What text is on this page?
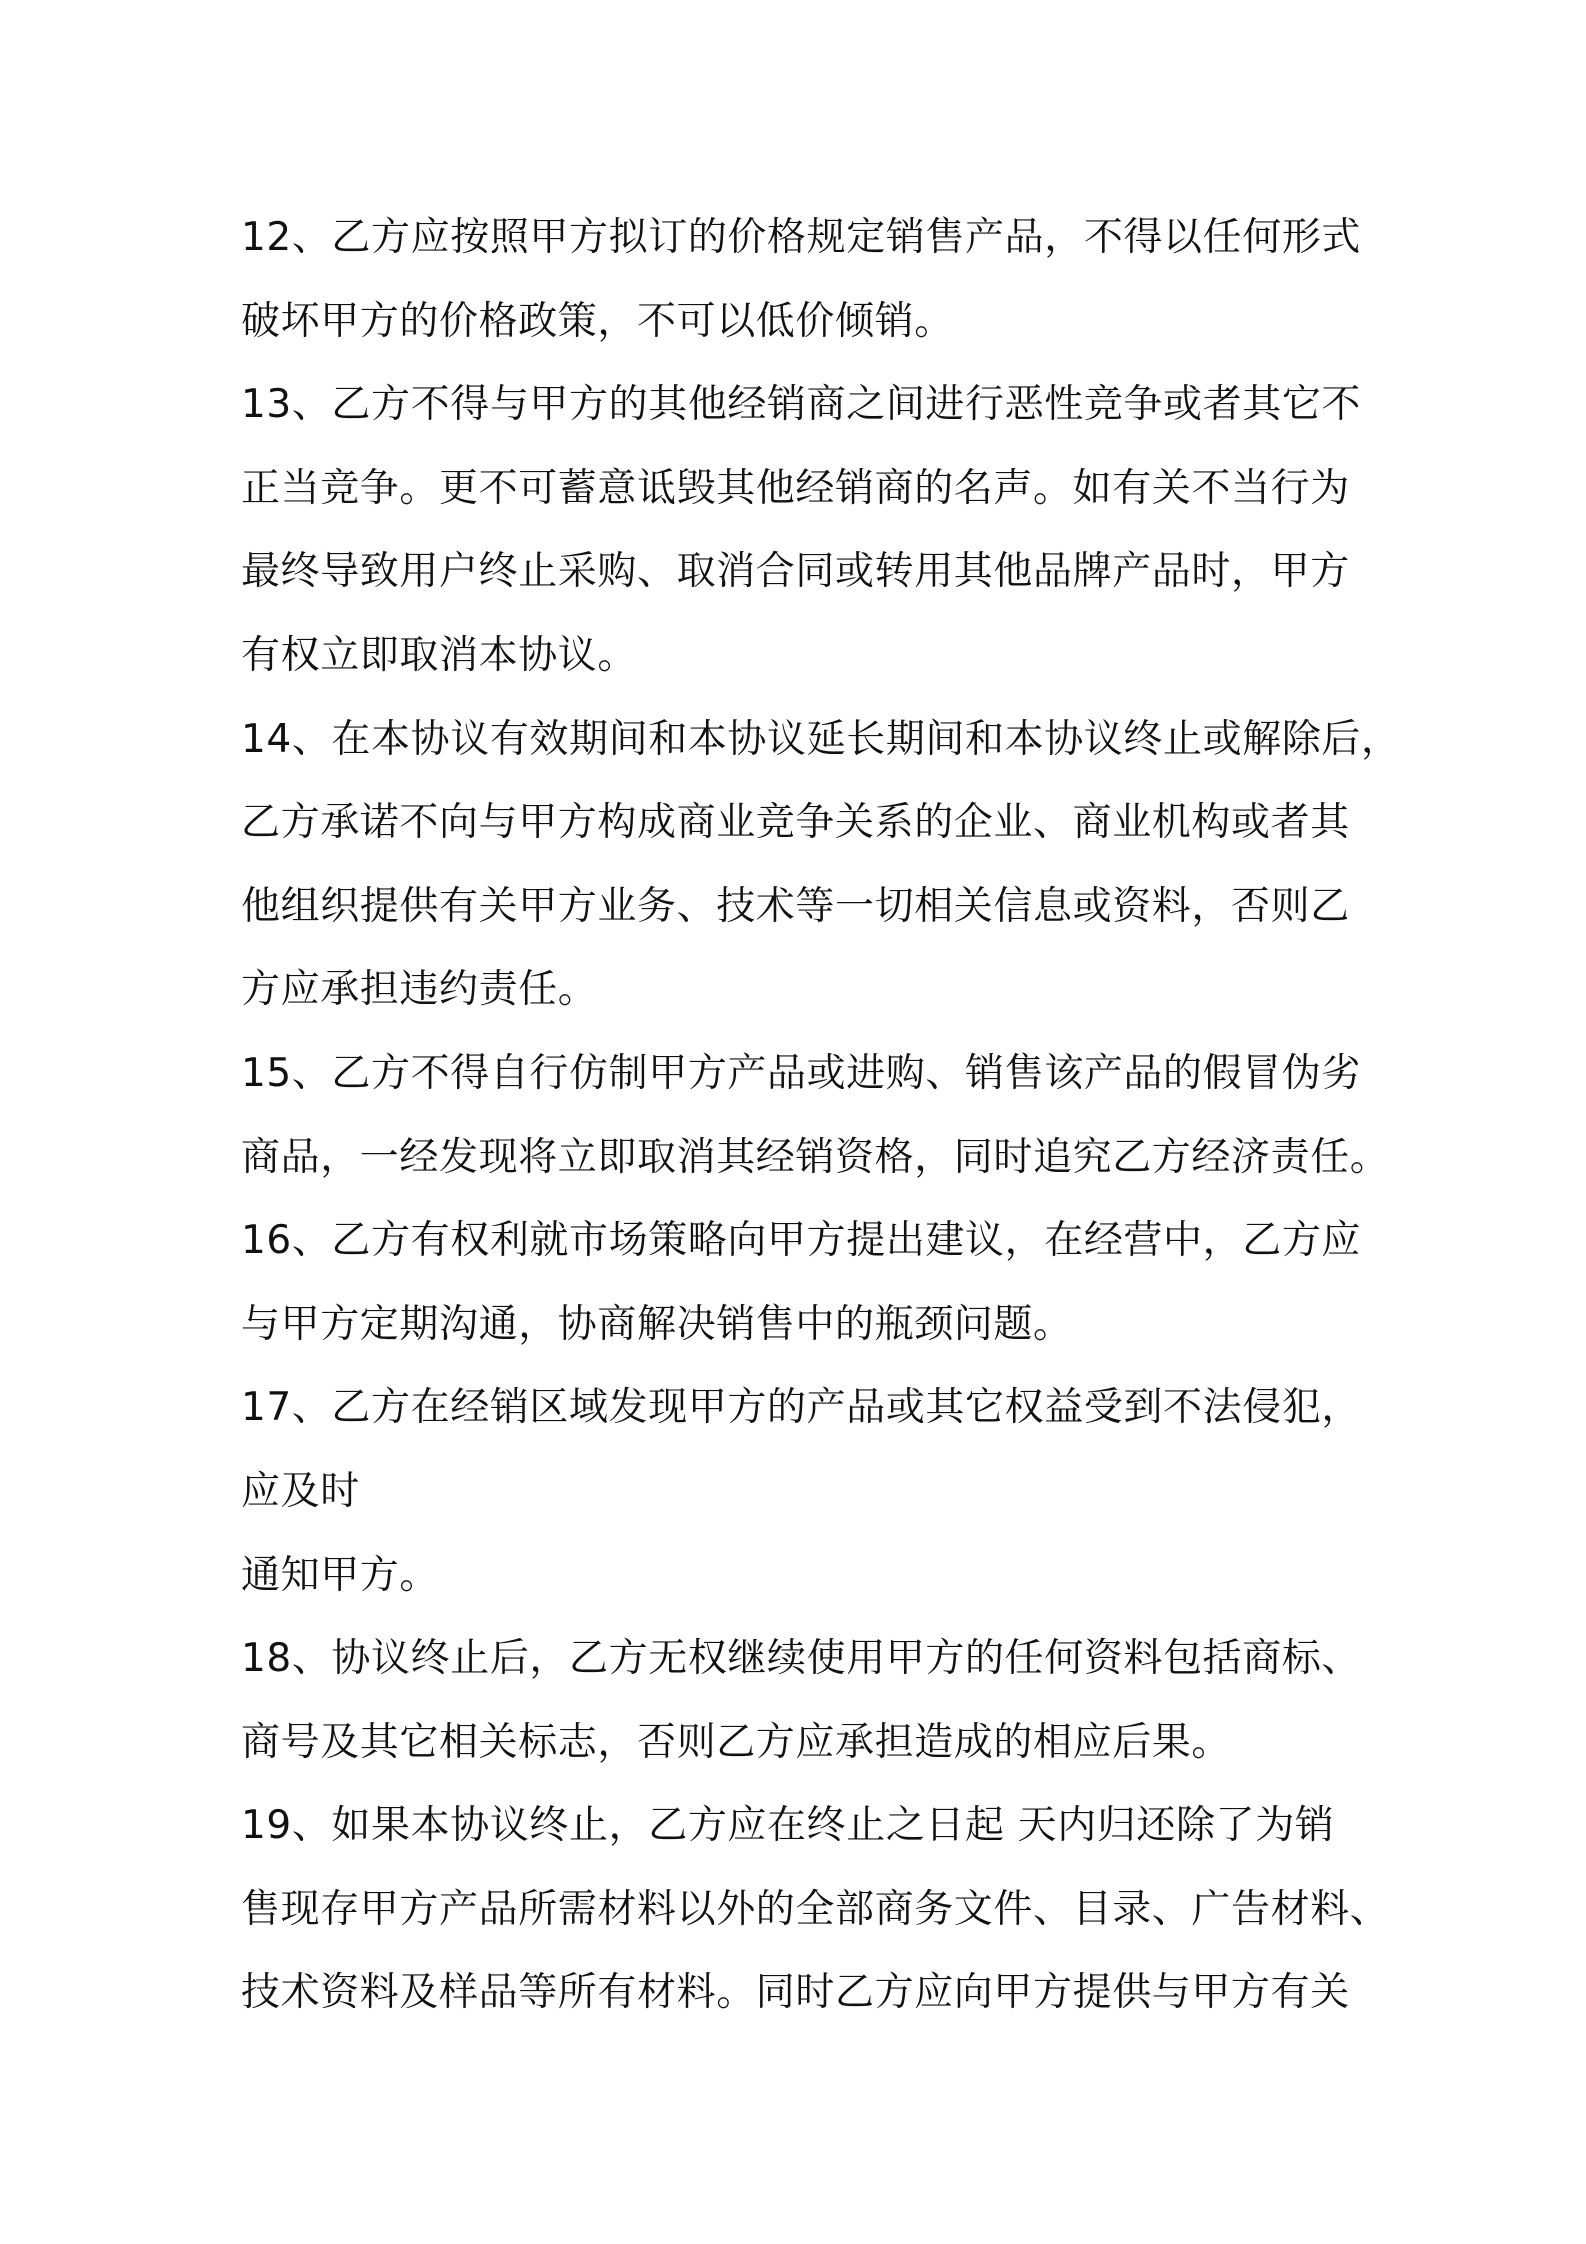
12、乙方应按照甲方拟订的价格规定销售产品，不得以任何形式
破坏甲方的价格政策，不可以低价倾销。
13、乙方不得与甲方的其他经销商之间进行恶性竞争或者其它不
正当竞争。更不可蓄意诋毁其他经销商的名声。如有关不当行为
最终导致用户终止采购、取消合同或转用其他品牌产品时，甲方
有权立即取消本协议。
14、在本协议有效期间和本协议延长期间和本协议终止或解除后，
乙方承诺不向与甲方构成商业竞争关系的企业、商业机构或者其
他组织提供有关甲方业务、技术等一切相关信息或资料，否则乙
方应承担违约责任。
15、乙方不得自行仿制甲方产品或进购、销售该产品的假冒伪劣
商品，一经发现将立即取消其经销资格，同时追究乙方经济责任。
16、乙方有权利就市场策略向甲方提出建议，在经营中，乙方应
与甲方定期沟通，协商解决销售中的瓶颈问题。
17、乙方在经销区域发现甲方的产品或其它权益受到不法侵犯，
应及时
通知甲方。
18、协议终止后，乙方无权继续使用甲方的任何资料包括商标、
商号及其它相关标志，否则乙方应承担造成的相应后果。
19、如果本协议终止，乙方应在终止之日起 天内归还除了为销
售现存甲方产品所需材料以外的全部商务文件、目录、广告材料、
技术资料及样品等所有材料。同时乙方应向甲方提供与甲方有关
